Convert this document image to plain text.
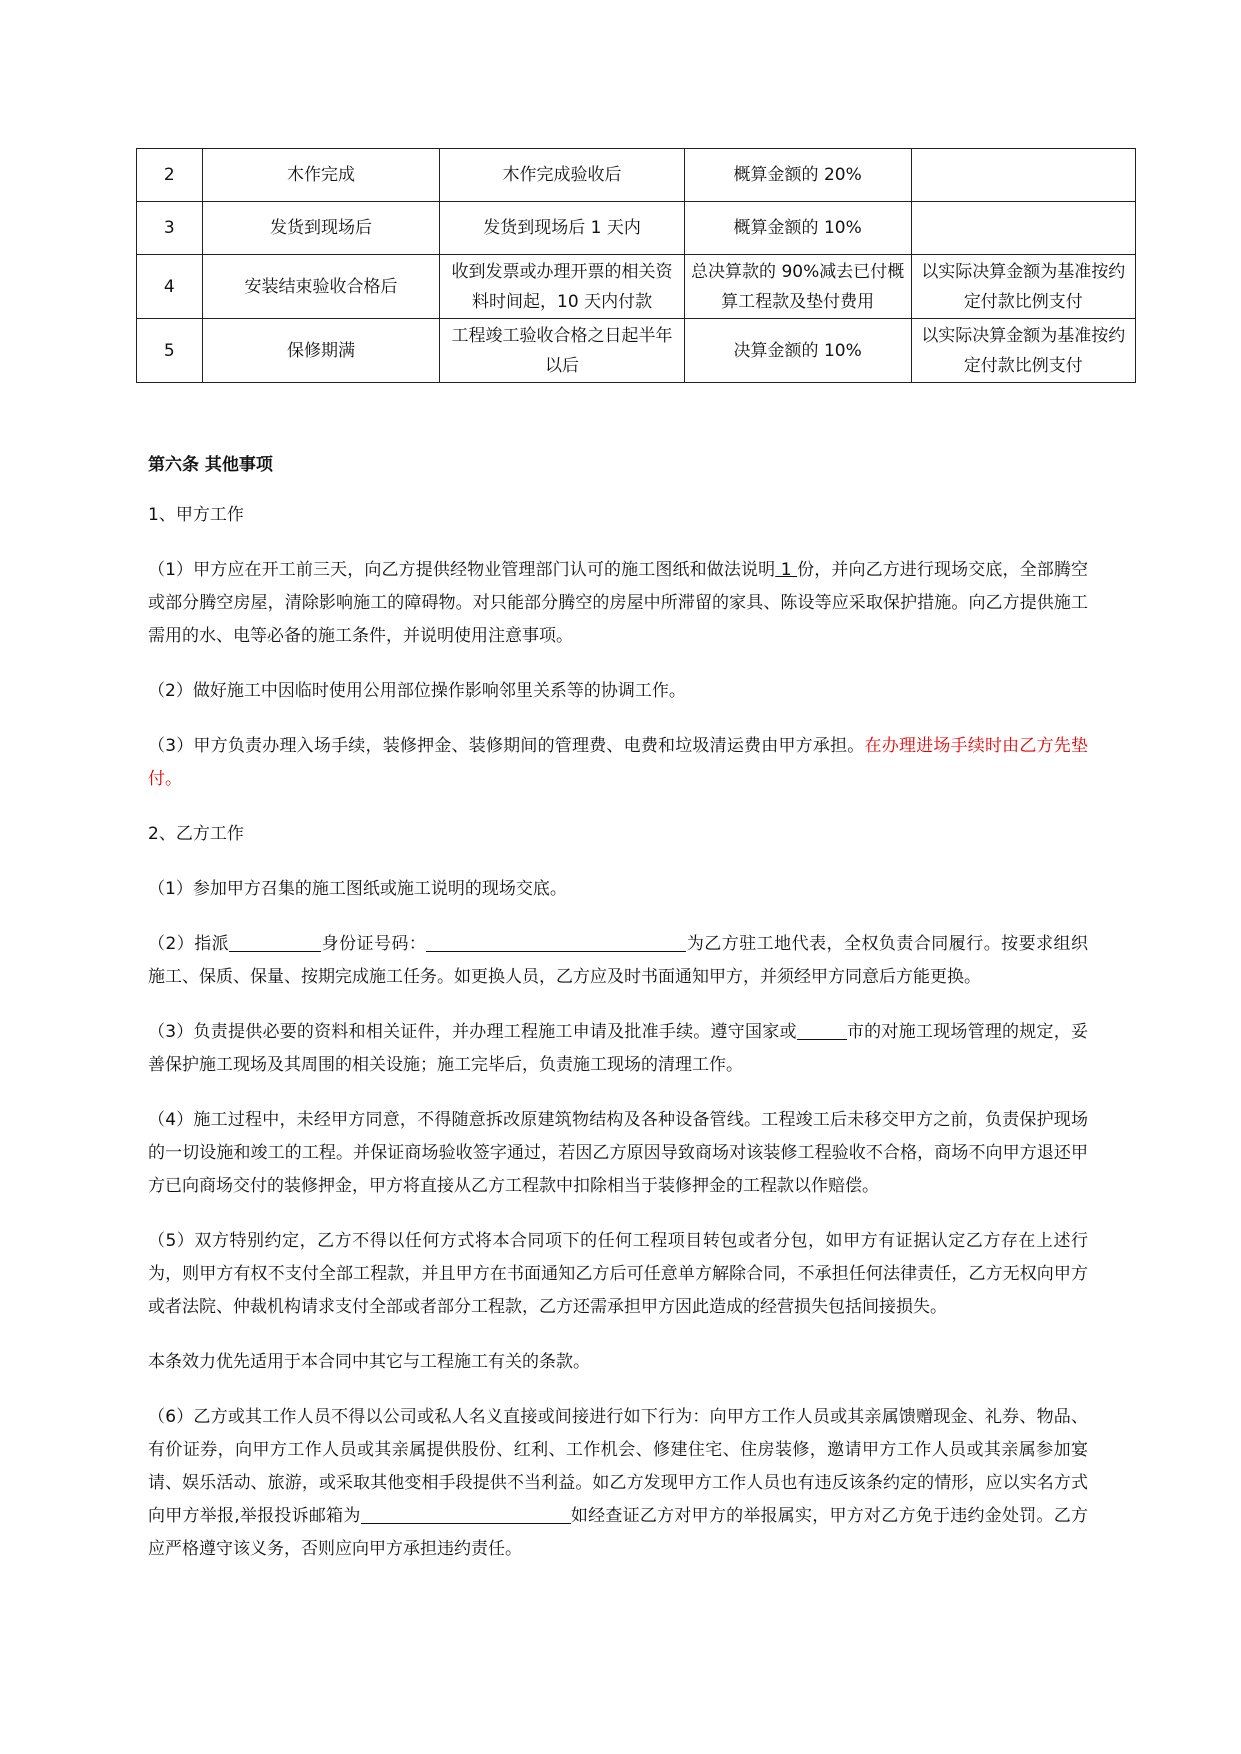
2	木作完成	木作完成验收后	概算金额的 20%	
3	发货到现场后	发货到现场后 1 天内	概算金额的 10%	
4	安装结束验收合格后	收到发票或办理开票的相关资料时间起，10 天内付款	总决算款的 90%减去已付概算工程款及垫付费用	以实际决算金额为基准按约定付款比例支付
5	保修期满	工程竣工验收合格之日起半年以后	决算金额的 10%	以实际决算金额为基准按约定付款比例支付
第六条 其他事项
1、甲方工作
（1）甲方应在开工前三天，向乙方提供经物业管理部门认可的施工图纸和做法说明 1 份，并向乙方进行现场交底，全部腾空或部分腾空房屋，清除影响施工的障碍物。对只能部分腾空的房屋中所滞留的家具、陈设等应采取保护措施。向乙方提供施工需用的水、电等必备的施工条件，并说明使用注意事项。
（2）做好施工中因临时使用公用部位操作影响邻里关系等的协调工作。
（3）甲方负责办理入场手续，装修押金、装修期间的管理费、电费和垃圾清运费由甲方承担。在办理进场手续时由乙方先垫付。
2、乙方工作
（1）参加甲方召集的施工图纸或施工说明的现场交底。
（2）指派	身份证号码：	为乙方驻工地代表，全权负责合同履行。按要求组织施工、保质、保量、按期完成施工任务。如更换人员，乙方应及时书面通知甲方，并须经甲方同意后方能更换。
（3）负责提供必要的资料和相关证件，并办理工程施工申请及批准手续。遵守国家或	市的对施工现场管理的规定，妥善保护施工现场及其周围的相关设施；施工完毕后，负责施工现场的清理工作。
（4）施工过程中，未经甲方同意，不得随意拆改原建筑物结构及各种设备管线。工程竣工后未移交甲方之前，负责保护现场的一切设施和竣工的工程。并保证商场验收签字通过，若因乙方原因导致商场对该装修工程验收不合格，商场不向甲方退还甲方已向商场交付的装修押金，甲方将直接从乙方工程款中扣除相当于装修押金的工程款以作赔偿。
（5）双方特别约定，乙方不得以任何方式将本合同项下的任何工程项目转包或者分包，如甲方有证据认定乙方存在上述行为，则甲方有权不支付全部工程款，并且甲方在书面通知乙方后可任意单方解除合同，不承担任何法律责任，乙方无权向甲方或者法院、仲裁机构请求支付全部或者部分工程款，乙方还需承担甲方因此造成的经营损失包括间接损失。
本条效力优先适用于本合同中其它与工程施工有关的条款。
（6）乙方或其工作人员不得以公司或私人名义直接或间接进行如下行为：向甲方工作人员或其亲属馈赠现金、礼券、物品、有价证券，向甲方工作人员或其亲属提供股份、红利、工作机会、修建住宅、住房装修，邀请甲方工作人员或其亲属参加宴请、娱乐活动、旅游，或采取其他变相手段提供不当利益。如乙方发现甲方工作人员也有违反该条约定的情形，应以实名方式向甲方举报,举报投诉邮箱为	如经查证乙方对甲方的举报属实，甲方对乙方免于违约金处罚。乙方应严格遵守该义务，否则应向甲方承担违约责任。
